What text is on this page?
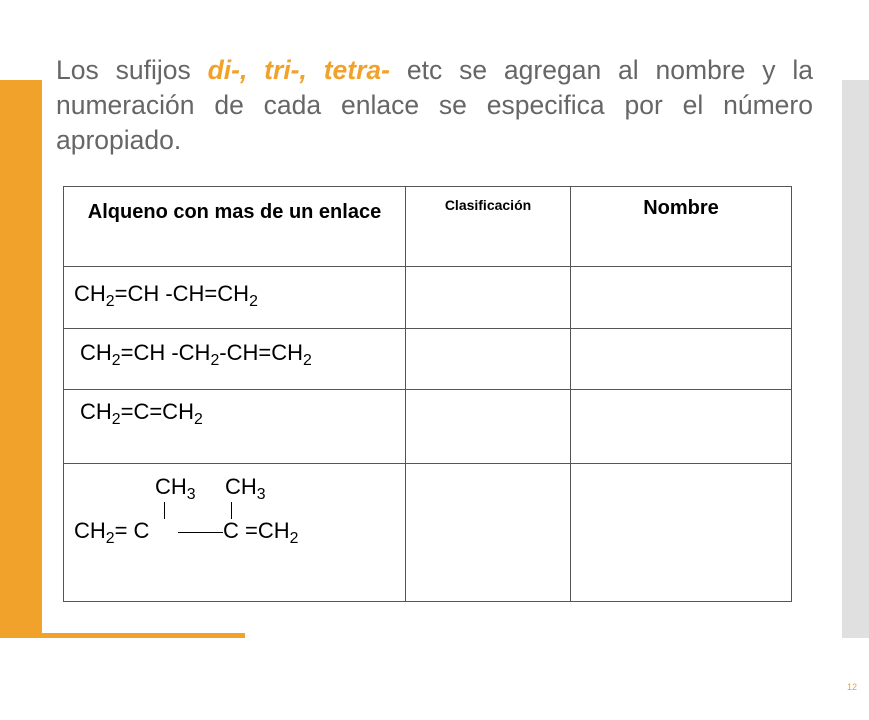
Los sufijos di-, tri-, tetra- etc se agregan al nombre y la numeración de cada enlace se especifica por el número apropiado.

Alqueno con mas de un enlace	Clasificación	Nombre

$CH_2=CH$ $-CH=CH_2$

$CH_2=CH$ $-CH_2-CH=CH_2$

$CH_2=C=CH_2$

$CH_3$ $CH_3$
$CH_2= C$ $C =CH_2$

12
